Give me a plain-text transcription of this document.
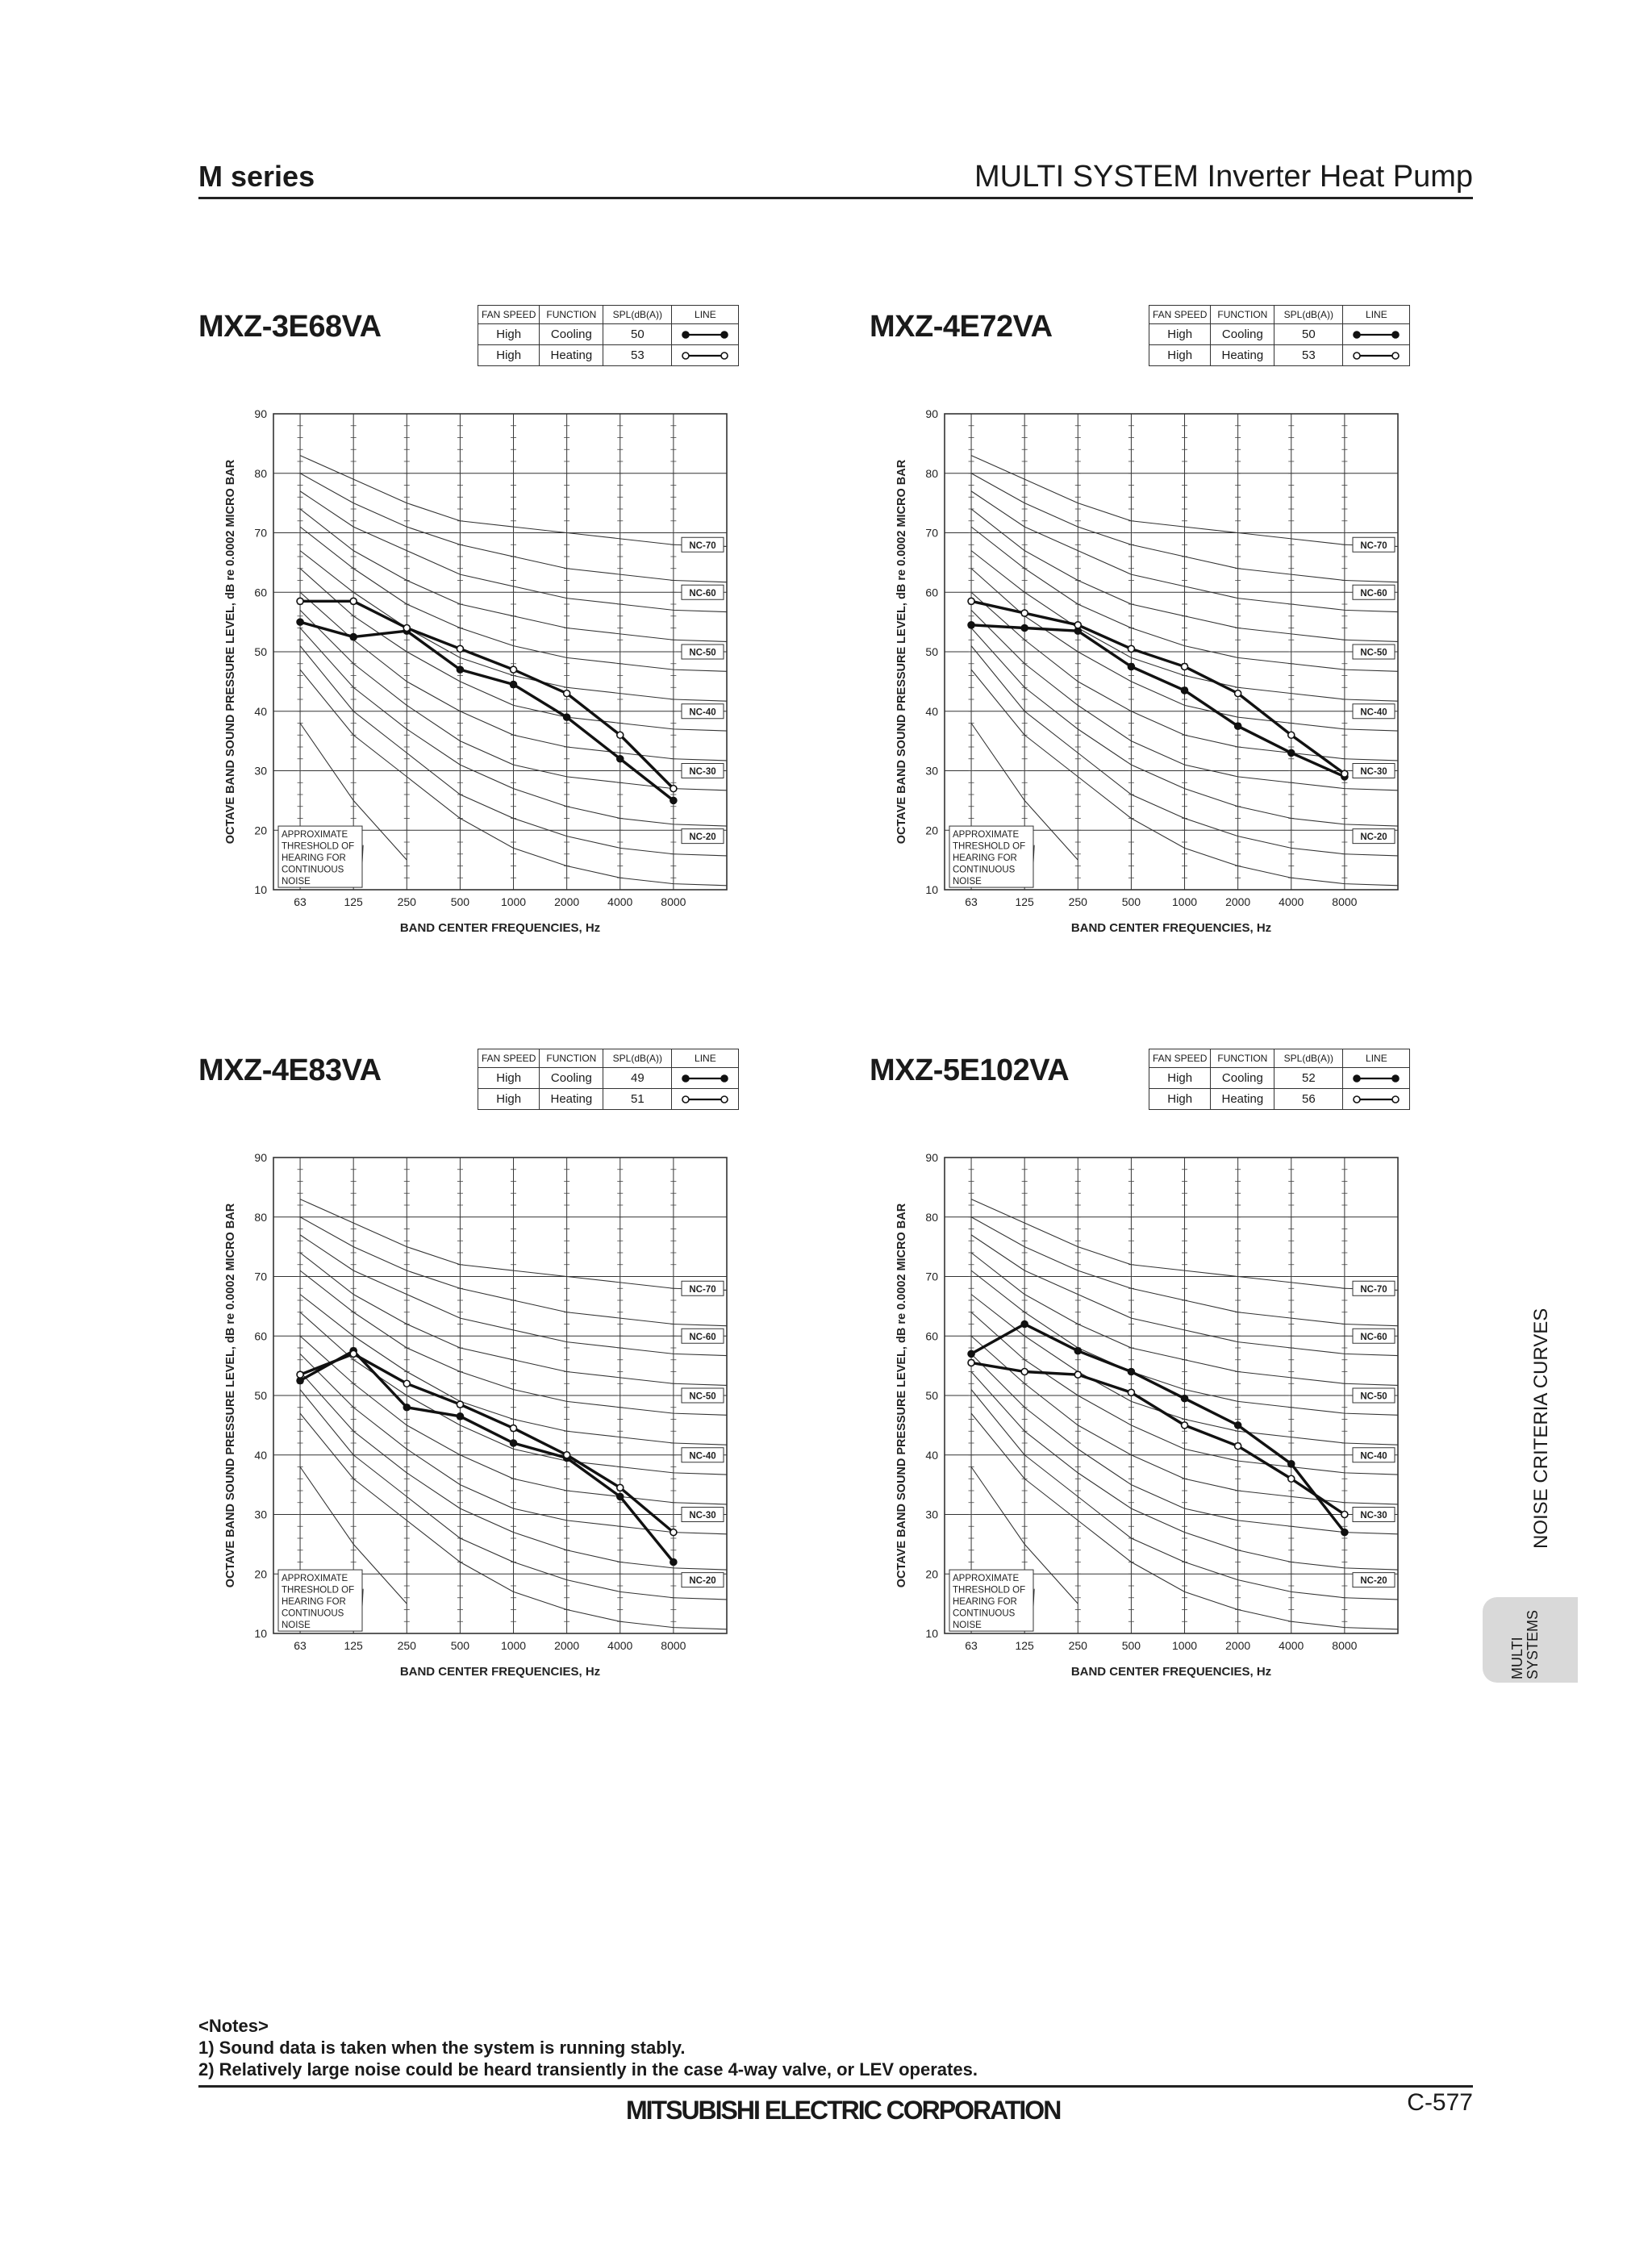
M series	MULTI SYSTEM Inverter Heat Pump
MXZ-3E68VA	FAN SPEED	FUNCTION	SPL(dB(A))	LINE
High	Cooling	50	

High	Heating	53	
10
20
30
40
50
60
70
80
90
63	125	250	500	1000 2000 4000 8000
NC-70
NC-60
NC-50
NC-40
NC-30
NC-20
APPROXIMATE
THRESHOLD OF
HEARING FOR
CONTINUOUS
NOISE
OCTAVE BAND SOUND PRESSURE LEVEL, dB re 0.0002 MICRO BAR
BAND CENTER FREQUENCIES, Hz
MXZ-4E72VA	FAN SPEED	FUNCTION	SPL(dB(A))	LINE
High	Cooling	50	

High	Heating	53	
10
20
30
40
50
60
70
80
90
63	125	250	500	1000 2000 4000 8000
NC-70
NC-60
NC-50
NC-40
NC-30
NC-20
APPROXIMATE
THRESHOLD OF
HEARING FOR
CONTINUOUS
NOISE
OCTAVE BAND SOUND PRESSURE LEVEL, dB re 0.0002 MICRO BAR
BAND CENTER FREQUENCIES, Hz
MXZ-4E83VA	FAN SPEED	FUNCTION	SPL(dB(A))	LINE
High	Cooling	49	

High	Heating	51	
10
20
30
40
50
60
70
80
90
63	125	250	500	1000 2000 4000 8000
NC-70
NC-60
NC-50
NC-40
NC-30
NC-20
APPROXIMATE
THRESHOLD OF
HEARING FOR
CONTINUOUS
NOISE
OCTAVE BAND SOUND PRESSURE LEVEL, dB re 0.0002 MICRO BAR
BAND CENTER FREQUENCIES, Hz
MXZ-5E102VA	FAN SPEED	FUNCTION	SPL(dB(A))	LINE
High	Cooling	52	

High	Heating	56	
10
20
30
40
50
60
70
80
90
63	125	250	500	1000 2000 4000 8000
NC-70
NC-60
NC-50
NC-40
NC-30
NC-20
APPROXIMATE
THRESHOLD OF
HEARING FOR
CONTINUOUS
NOISE
OCTAVE BAND SOUND PRESSURE LEVEL, dB re 0.0002 MICRO BAR
BAND CENTER FREQUENCIES, Hz
<Notes>
1) Sound data is taken when the system is running stably.
2) Relatively large noise could be heard transiently in the case 4-way valve, or LEV operates.
MITSUBISHI ELECTRIC CORPORATION	C-577
NOISE CRITERIA CURVES
MULTI SYSTEMS
